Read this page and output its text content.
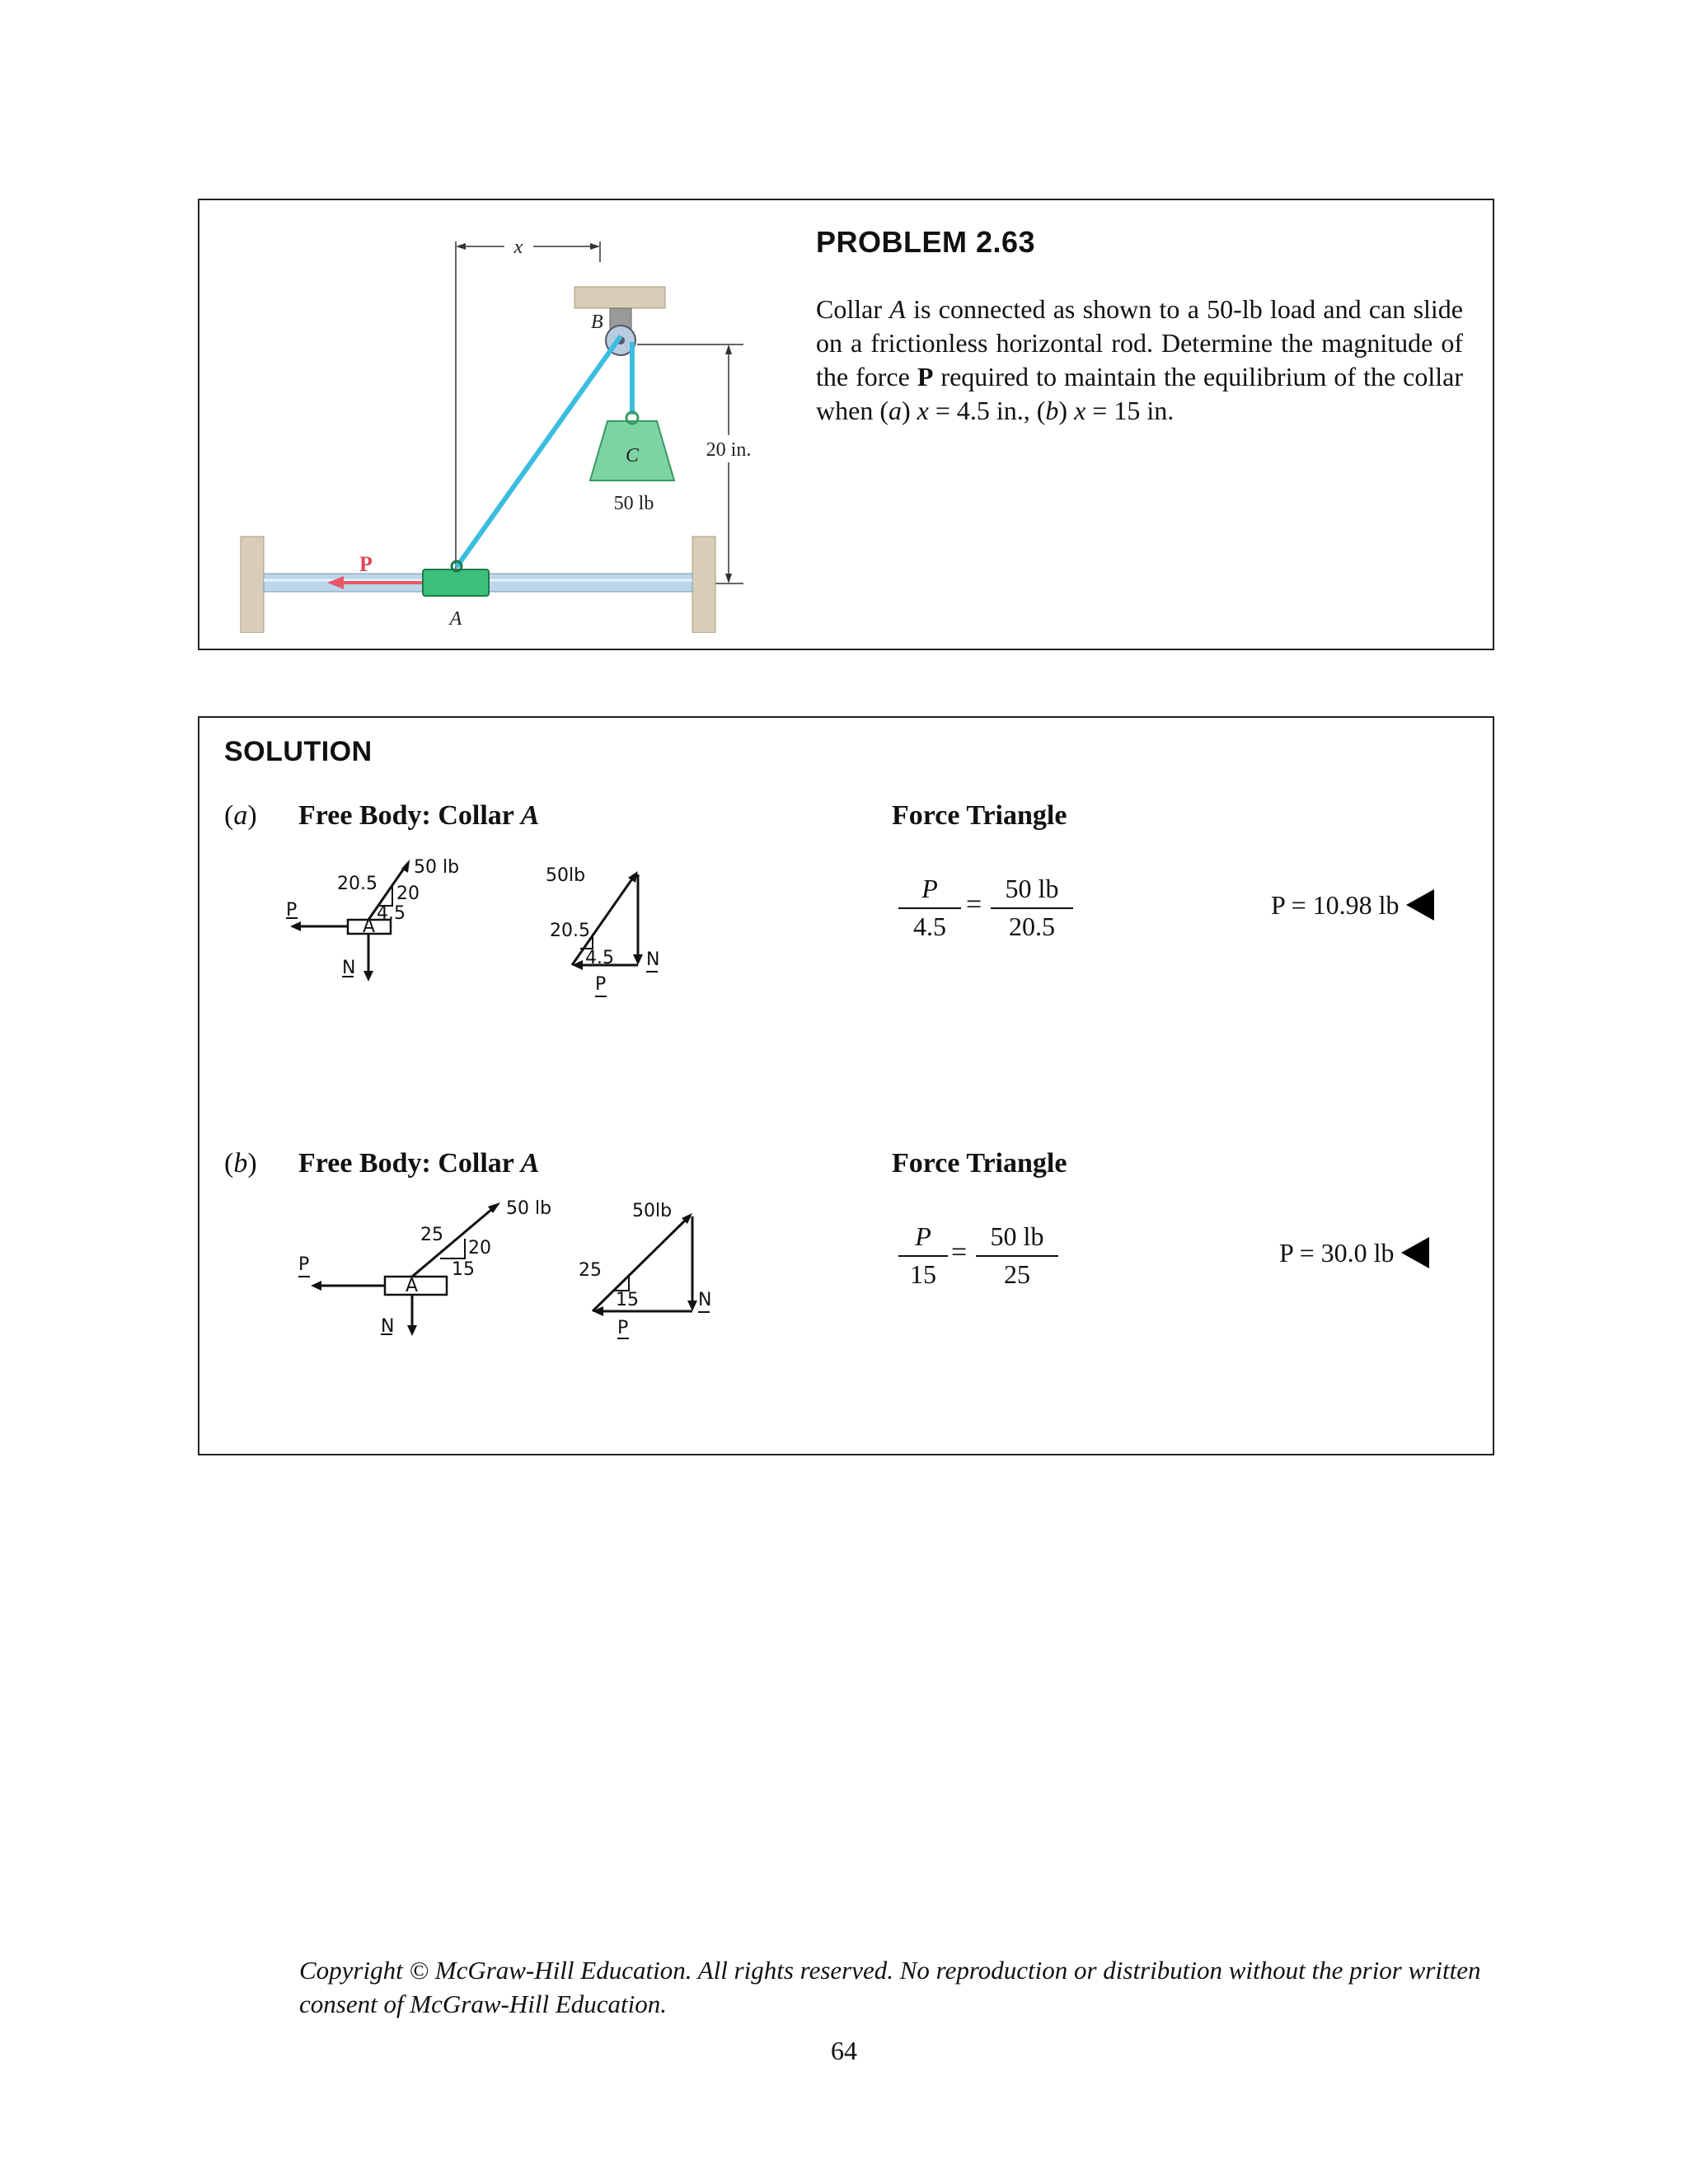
x
B
C
50 lb
20 in.
A
P
PROBLEM 2.63
Collar A is connected as shown to a 50-lb load and can slide on a frictionless horizontal rod. Determine the magnitude of the force P required to maintain the equilibrium of the collar when (a) x = 4.5 in., (b) x = 15 in.
SOLUTION
(a) Free Body: Collar A	Force Triangle
A
P
N
50 lb
20.5 20
4.5
50lb
20.5
4.5
P
N
P
4.5
=
50 lb
20.5
P = 10.98 lb
(b) Free Body: Collar A	Force Triangle
A
P
N
50 lb
25
20
15
50lb
25
15
P
N
P
15
=
50 lb
25
P = 30.0 lb
Copyright © McGraw-Hill Education. All rights reserved. No reproduction or distribution without the prior written consent of McGraw-Hill Education.
64
